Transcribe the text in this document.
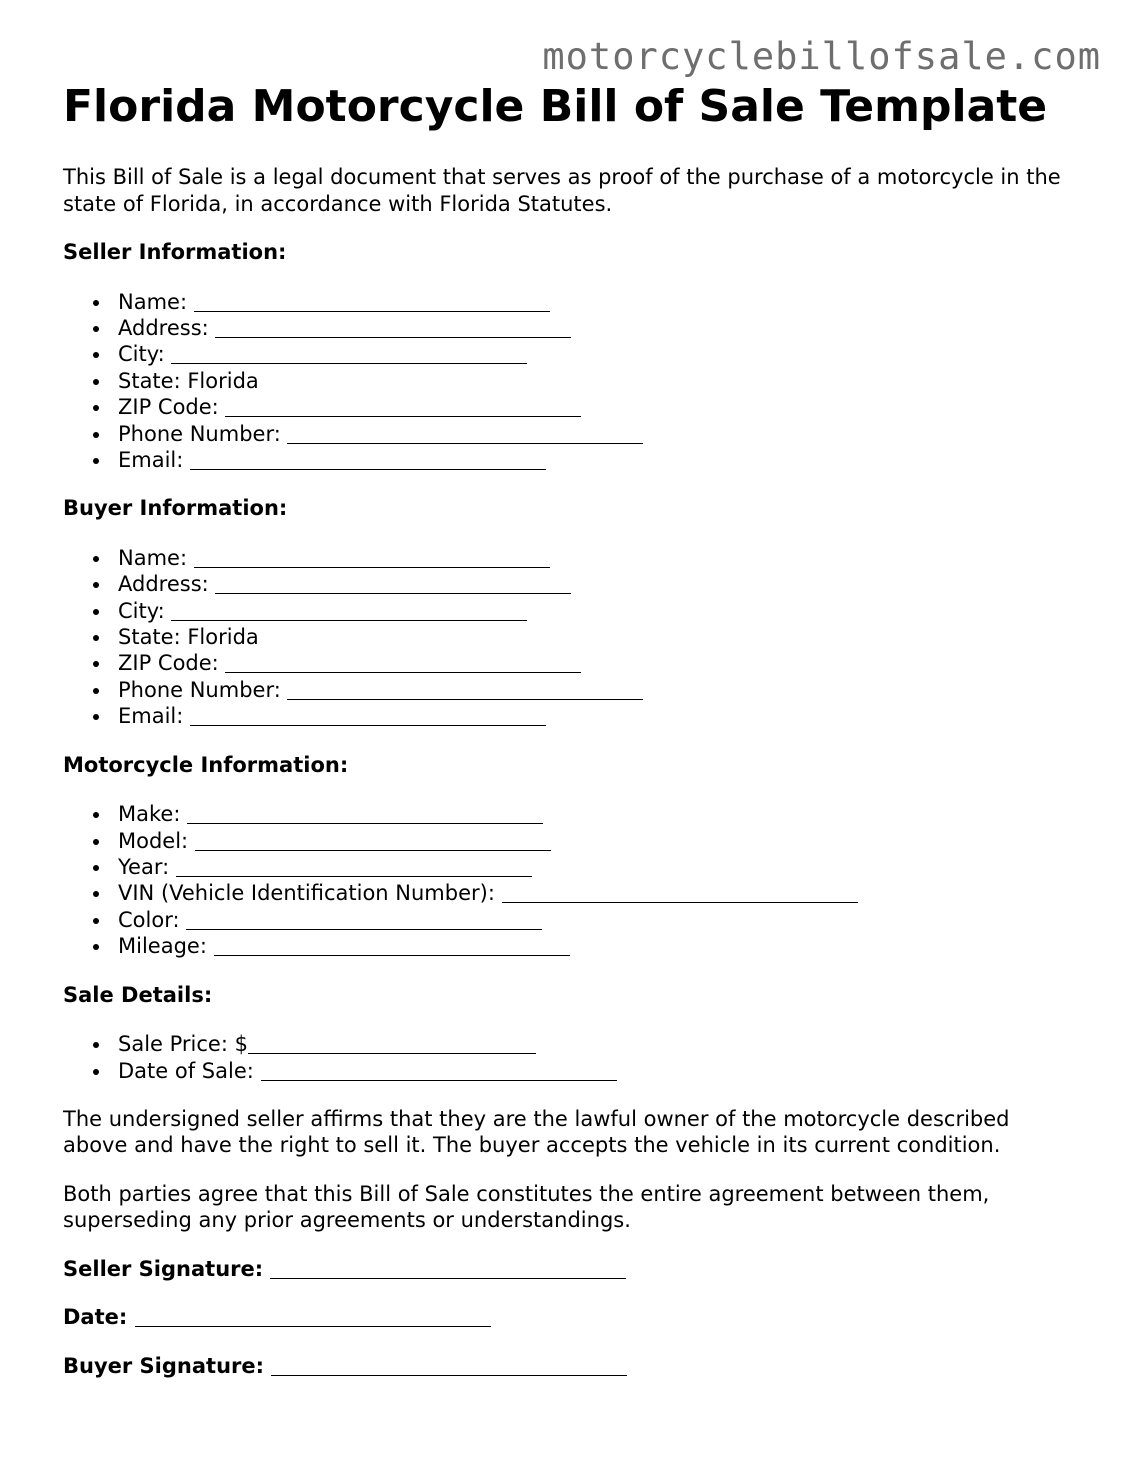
motorcyclebillofsale.com
Florida Motorcycle Bill of Sale Template

This Bill of Sale is a legal document that serves as proof of the purchase of a motorcycle in the state of Florida, in accordance with Florida Statutes.

Seller Information:
Name:
Address:
City:
State: Florida
ZIP Code:
Phone Number:
Email:
Buyer Information:
Name:
Address:
City:
State: Florida
ZIP Code:
Phone Number:
Email:
Motorcycle Information:
Make:
Model:
Year:
VIN (Vehicle Identification Number):
Color:
Mileage:
Sale Details:
Sale Price: $
Date of Sale:

The undersigned seller affirms that they are the lawful owner of the motorcycle described above and have the right to sell it. The buyer accepts the vehicle in its current condition.

Both parties agree that this Bill of Sale constitutes the entire agreement between them, superseding any prior agreements or understandings.

Seller Signature:
Date:
Buyer Signature:
